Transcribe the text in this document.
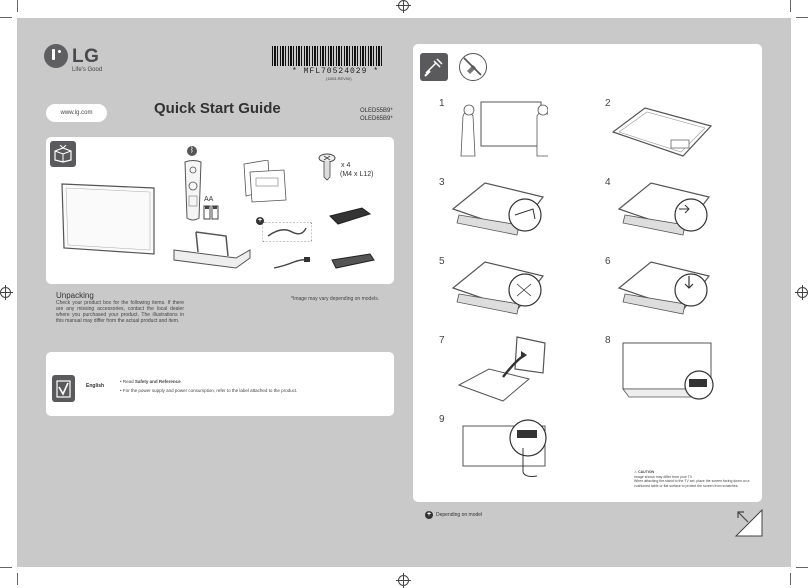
LG
Life's Good	* MFL70524029 *
(1803-REV00)
www.lg.com	Quick Start Guide	OLED55B9*
OLED65B9*
ᛒ
AA
x 4
(M4 x L12)
+
Unpacking
Check your product box for the following items. If there are any missing accessories, contact the local dealer where you purchased your product. The illustrations in this manual may differ from the actual product and item.
*Image may vary depending on models.
English
• Read Safety and Reference.
• For the power supply and power consumption, refer to the label attached to the product.
1	2
3	4
5	6
7	8
9
⚠ CAUTION
Image shown may differ from your TV.
When attaching the stand to the TV set, place the screen facing down on a cushioned table or flat surface to protect the screen from scratches.
+ Depending on model
